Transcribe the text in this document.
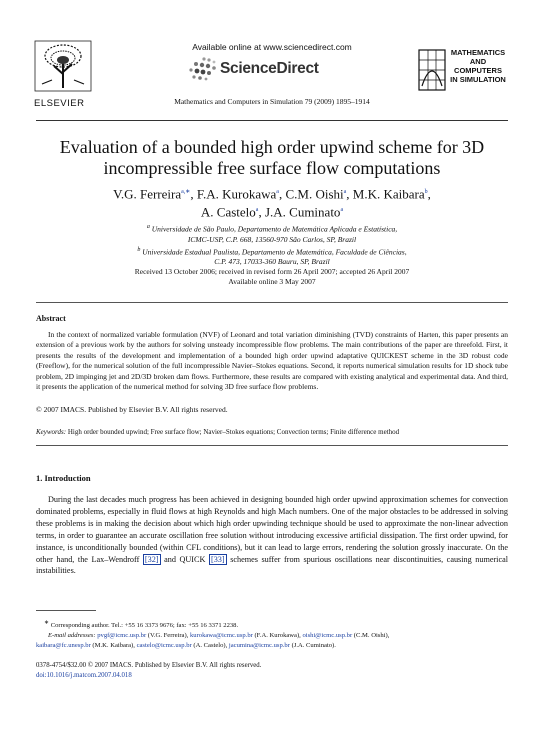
ELSEVIER
Available online at www.sciencedirect.com
ScienceDirect
Mathematics and Computers in Simulation 79 (2009) 1895–1914
MATHEMATICS
AND
COMPUTERS
IN SIMULATION
Evaluation of a bounded high order upwind scheme for 3D
incompressible free surface flow computations
V.G. Ferreira$^{a,∗}$, F.A. Kurokawa$^a$, C.M. Oishi$^a$, M.K. Kaibara$^b$,
A. Castelo$^a$, J.A. Cuminato$^a$
$^a$ Universidade de São Paulo, Departamento de Matemática Aplicada e Estatística,
ICMC-USP, C.P. 668, 13560-970 São Carlos, SP, Brazil
$^b$ Universidade Estadual Paulista, Departamento de Matemática, Faculdade de Ciências,
C.P. 473, 17033-360 Bauru, SP, Brazil
Received 13 October 2006; received in revised form 26 April 2007; accepted 26 April 2007
Available online 3 May 2007
Abstract
In the context of normalized variable formulation (NVF) of Leonard and total variation diminishing (TVD) constraints of Harten, this paper presents an extension of a previous work by the authors for solving unsteady incompressible flow problems. The main contributions of the paper are threefold. First, it presents the results of the development and implementation of a bounded high order upwind adaptative QUICKEST scheme in the 3D robust code (Freeflow), for the numerical solution of the full incompressible Navier–Stokes equations. Second, it reports numerical simulation results for 1D shock tube problem, 2D impinging jet and 2D/3D broken dam flows. Furthermore, these results are compared with existing analytical and experimental data. And third, it presents the application of the numerical method for solving 3D free surface flow problems.
© 2007 IMACS. Published by Elsevier B.V. All rights reserved.
Keywords: High order bounded upwind; Free surface flow; Navier–Stokes equations; Convection terms; Finite difference method
1. Introduction
During the last decades much progress has been achieved in designing bounded high order upwind approximation schemes for convection dominated problems, especially in fluid flows at high Reynolds and high Mach numbers. One of the major obstacles to be addressed in solving these problems is in making the decision about which high order upwinding technique should be used to approximate the non-linear advection terms, in order to guarantee an accurate oscillation free solution without introducing excessive artificial dissipation. The first order upwind, for instance, is unconditionally bounded (within CFL conditions), but it can lead to large errors, rendering the solution grossly inaccurate. On the other hand, the Lax–Wendroff [32] and QUICK [33] schemes suffer from spurious oscillations near discontinuities, causing numerical instabilities.
∗ Corresponding author. Tel.: +55 16 3373 9676; fax: +55 16 3371 2238.
E-mail addresses: pvgf@icmc.usp.br (V.G. Ferreira), kurokawa@icmc.usp.br (F.A. Kurokawa), oishi@icmc.usp.br (C.M. Oishi),
kaibara@fc.unesp.br (M.K. Kaibara), castelo@icmc.usp.br (A. Castelo), jacumina@icmc.usp.br (J.A. Cuminato).
0378-4754/$32.00 © 2007 IMACS. Published by Elsevier B.V. All rights reserved.
doi:10.1016/j.matcom.2007.04.018
